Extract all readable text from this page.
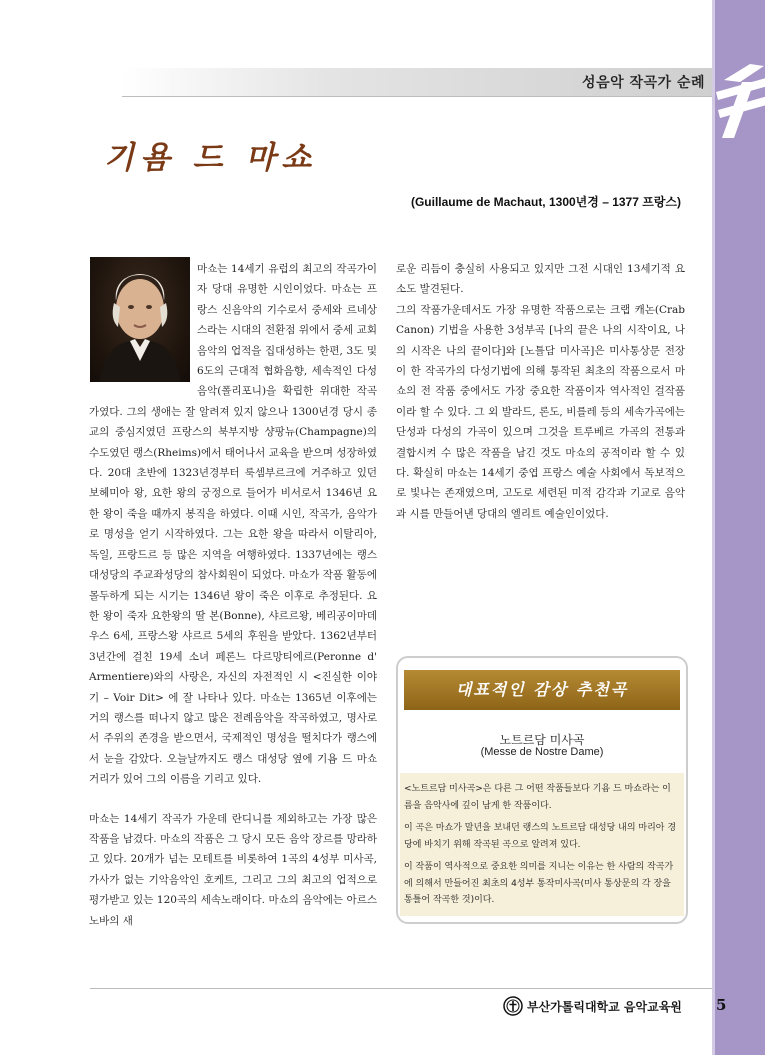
성음악 작곡가 순례
기욤 드 마쇼
(Guillaume de Machaut, 1300년경 – 1377 프랑스)

마쇼는 14세기 유럽의 최고의 작곡가이자 당대 유명한 시인이었다. 마쇼는 프랑스 신음악의 기수로서 중세와 르네상스라는 시대의 전환점 위에서 중세 교회음악의 업적을 집대성하는 한편, 3도 및 6도의 근대적 협화음향, 세속적인 다성음악(폴리포니)을 확립한 위대한 작곡가였다. 그의 생애는 잘 알려져 있지 않으나 1300년경 당시 종교의 중심지였던 프랑스의 북부지방 샹팡뉴(Champagne)의 수도였던 랭스(Rheims)에서 태어나서 교육을 받으며 성장하였다. 20대 초반에 1323년경부터 룩셈부르크에 거주하고 있던 보헤미아 왕, 요한 왕의 궁정으로 들어가 비서로서 1346년 요한 왕이 죽을 때까지 봉직을 하였다. 이때 시인, 작곡가, 음악가로 명성을 얻기 시작하였다. 그는 요한 왕을 따라서 이탈리아, 독일, 프랑드르 등 많은 지역을 여행하였다. 1337년에는 랭스 대성당의 주교좌성당의 참사회원이 되었다. 마쇼가 작품 활동에 몰두하게 되는 시기는 1346년 왕이 죽은 이후로 추정된다. 요한 왕이 죽자 요한왕의 딸 본(Bonne), 샤르르왕, 베리공이마데우스 6세, 프랑스왕 샤르르 5세의 후원을 받았다. 1362년부터 3년간에 걸친 19세 소녀 페론느 다르망티에르(Peronne d' Armentiere)와의 사랑은, 자신의 자전적인 시 <진실한 이야기 – Voir Dit> 에 잘 나타나 있다. 마쇼는 1365년 이후에는 거의 랭스를 떠나지 않고 많은 전례음악을 작곡하였고, 명사로서 주위의 존경을 받으면서, 국제적인 명성을 떨치다가 랭스에서 눈을 감았다. 오늘날까지도 랭스 대성당 옆에 기욤 드 마쇼 거리가 있어 그의 이름을 기리고 있다.

마쇼는 14세기 작곡가 가운데 란디니를 제외하고는 가장 많은 작품을 남겼다. 마쇼의 작품은 그 당시 모든 음악 장르를 망라하고 있다. 20개가 넘는 모테트를 비롯하여 1곡의 4성부 미사곡, 가사가 없는 기악음악인 호케트, 그리고 그의 최고의 업적으로 평가받고 있는 120곡의 세속노래이다. 마쇼의 음악에는 아르스 노바의 새

로운 리듬이 충실히 사용되고 있지만 그전 시대인 13세기적 요소도 발견된다.

그의 작품가운데서도 가장 유명한 작품으로는 크랩 캐논(Crab Canon) 기법을 사용한 3성부곡 [나의 끝은 나의 시작이요, 나의 시작은 나의 끝이다]와 [노틀담 미사곡]은 미사통상문 전장이 한 작곡가의 다성기법에 의해 통작된 최초의 작품으로서 마쇼의 전 작품 중에서도 가장 중요한 작품이자 역사적인 걸작품이라 할 수 있다. 그 외 발라드, 론도, 비를레 등의 세속가곡에는 단성과 다성의 가곡이 있으며 그것을 트루베르 가곡의 전통과 결합시켜 수 많은 작품을 남긴 것도 마쇼의 공적이라 할 수 있다. 확실히 마쇼는 14세기 중엽 프랑스 예술 사회에서 독보적으로 빛나는 존재였으며, 고도로 세련된 미적 감각과 기교로 음악과 시를 만들어낸 당대의 엘리트 예술인이었다.

대표적인 감상 추천곡
노트르담 미사곡
(Messe de Nostre Dame)

<노트르담 미사곡>은 다른 그 어떤 작품들보다 기욤 드 마쇼라는 이름을 음악사에 깊이 남게 한 작품이다.

이 곡은 마쇼가 말년을 보내던 랭스의 노트르담 대성당 내의 마리아 경당에 바치기 위해 작곡된 곡으로 알려져 있다.

이 작품이 역사적으로 중요한 의미를 지니는 이유는 한 사람의 작곡가에 의해서 만들어진 최초의 4성부 통작미사곡(미사 통상문의 각 장을 통틀어 작곡한 것)이다.

부산가톨릭대학교 음악교육원 5
